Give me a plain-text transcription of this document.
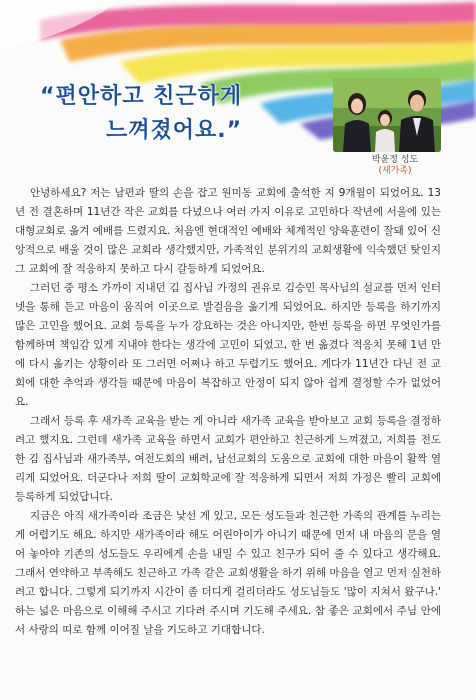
“편안하고 친근하게
느껴졌어요.”
박윤정 성도
(새가족)

안녕하세요? 저는 남편과 딸의 손을 잡고 원미동 교회에 출석한 지 9개월이 되었어요. 13년 전 결혼하며 11년간 작은 교회를 다녔으나 여러 가지 이유로 고민하다 작년에 서울에 있는 대형교회로 옮겨 예배를 드렸지요. 처음엔 현대적인 예배와 체계적인 양육훈련이 잘돼 있어 신앙적으로 배울 것이 많은 교회라 생각했지만, 가족적인 분위기의 교회생활에 익숙했던 탓인지 그 교회에 잘 적응하지 못하고 다시 갈등하게 되었어요.

그러던 중 평소 가까이 지내던 김 집사님 가정의 권유로 김승민 목사님의 설교를 먼저 인터넷을 통해 듣고 마음이 움직여 이곳으로 발걸음을 옮기게 되었어요. 하지만 등록을 하기까지 많은 고민을 했어요. 교회 등록을 누가 강요하는 것은 아니지만, 한번 등록을 하면 무엇인가를 함께하며 책임감 있게 지내야 한다는 생각에 고민이 되었고, 한 번 옮겼다 적응치 못해 1년 만에 다시 옮기는 상황이라 또 그러면 어쩌나 하고 두렵기도 했어요. 게다가 11년간 다닌 전 교회에 대한 추억과 생각들 때문에 마음이 복잡하고 안정이 되지 않아 쉽게 결정할 수가 없었어요.

그래서 등록 후 새가족 교육을 받는 게 아니라 새가족 교육을 받아보고 교회 등록을 결정하려고 했지요. 그런데 새가족 교육을 하면서 교회가 편안하고 친근하게 느껴졌고, 저희를 전도한 김 집사님과 새가족부, 여전도회의 배려, 남선교회의 도움으로 교회에 대한 마음이 활짝 열리게 되었어요. 더군다나 저희 딸이 교회학교에 잘 적응하게 되면서 저희 가정은 빨리 교회에 등록하게 되었답니다.

지금은 아직 새가족이라 조금은 낯선 게 있고, 모든 성도들과 친근한 가족의 관계를 누리는 게 어렵기도 해요. 하지만 새가족이라 해도 어린아이가 아니기 때문에 먼저 내 마음의 문을 열어 놓아야 기존의 성도들도 우리에게 손을 내밀 수 있고 친구가 되어 줄 수 있다고 생각해요. 그래서 연약하고 부족해도 친근하고 가족 같은 교회생활을 하기 위해 마음을 열고 먼저 실천하려고 합니다. 그렇게 되기까지 시간이 좀 더디게 걸리더라도 성도님들도 '많이 지쳐서 왔구나.' 하는 넓은 마음으로 이해해 주시고 기다려 주시며 기도해 주세요. 참 좋은 교회에서 주님 안에서 사랑의 띠로 함께 이어질 날을 기도하고 기대합니다.
